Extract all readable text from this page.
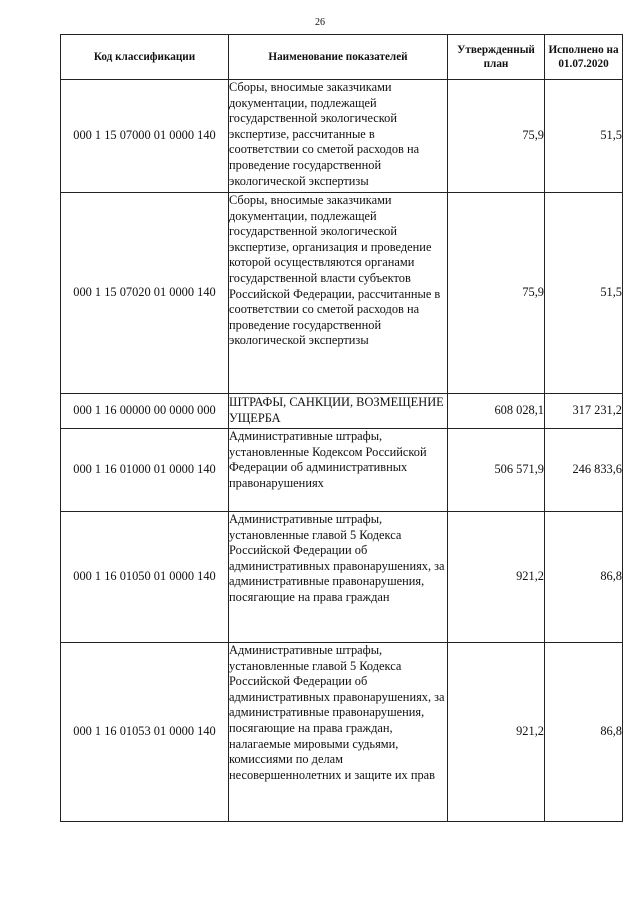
26
Код классификации	Наименование показателей	Утвержденный план	Исполнено на 01.07.2020
000 1 15 07000 01 0000 140	Сборы, вносимые заказчиками документации, подлежащей государственной экологической экспертизе, рассчитанные в соответствии со сметой расходов на проведение государственной экологической экспертизы	75,9	51,5
000 1 15 07020 01 0000 140	Сборы, вносимые заказчиками документации, подлежащей государственной экологической экспертизе, организация и проведение которой осуществляются органами государственной власти субъектов Российской Федерации, рассчитанные в соответствии со сметой расходов на проведение государственной экологической экспертизы	75,9	51,5
000 1 16 00000 00 0000 000	ШТРАФЫ, САНКЦИИ, ВОЗМЕЩЕНИЕ УЩЕРБА	608 028,1	317 231,2
000 1 16 01000 01 0000 140	Административные штрафы, установленные Кодексом Российской Федерации об административных правонарушениях	506 571,9	246 833,6
000 1 16 01050 01 0000 140	Административные штрафы, установленные главой 5 Кодекса Российской Федерации об административных правонарушениях, за административные правонарушения, посягающие на права граждан	921,2	86,8
000 1 16 01053 01 0000 140	Административные штрафы, установленные главой 5 Кодекса Российской Федерации об административных правонарушениях, за административные правонарушения, посягающие на права граждан, налагаемые мировыми судьями, комиссиями по делам несовершеннолетних и защите их прав	921,2	86,8
